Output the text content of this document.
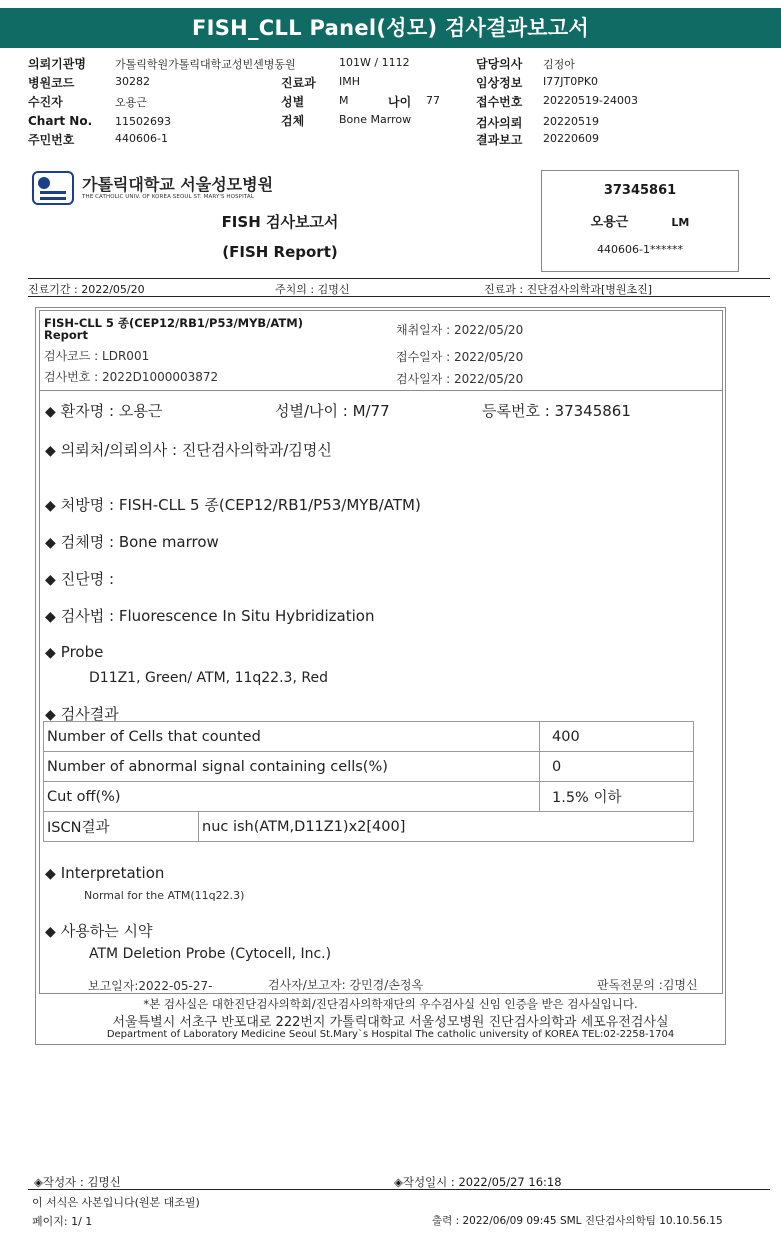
FISH_CLL Panel(성모) 검사결과보고서
의뢰기관명	가톨릭학원가톨릭대학교성빈센병동원	101W / 1112	담당의사 김정아
병원코드	30282	진료과 IMH	임상정보 I77JT0PK0
수진자	오용근	성별	M	나이 77	접수번호 20220519-24003
Chart No. 11502693	검체	Bone Marrow	검사의뢰 20220519
주민번호	440606-1	결과보고 20220609
가톨릭대학교 서울성모병원
THE CATHOLIC UNIV. OF KOREA SEOUL ST. MARY'S HOSPITAL
FISH 검사보고서
(FISH Report)
37345861
오용근	LM
440606-1******
진료기간 : 2022/05/20	주치의 : 김명신	진료과 : 진단검사의학과[병원초진]
FISH-CLL 5 종(CEP12/RB1/P53/MYB/ATM)
Report
검사코드 : LDR001
검사번호 : 2022D1000003872
채취일자 : 2022/05/20
접수일자 : 2022/05/20
검사일자 : 2022/05/20
◆ 환자명 : 오용근	성별/나이 : M/77	등록번호 : 37345861
◆ 의뢰처/의뢰의사 : 진단검사의학과/김명신
◆ 처방명 : FISH-CLL 5 종(CEP12/RB1/P53/MYB/ATM)
◆ 검체명 : Bone marrow
◆ 진단명 :
◆ 검사법 : Fluorescence In Situ Hybridization
◆ Probe
D11Z1, Green/ ATM, 11q22.3, Red
◆ 검사결과
Number of Cells that counted		400
Number of abnormal signal containing cells(%)		0
Cut off(%)		1.5% 이하
ISCN결과	nuc ish(ATM,D11Z1)x2[400]	
◆ Interpretation
Normal for the ATM(11q22.3)
◆ 사용하는 시약
ATM Deletion Probe (Cytocell, Inc.)
보고일자:2022-05-27-	검사자/보고자: 강민경/손정옥	판독전문의 :김명신
*본 검사실은 대한진단검사의학회/진단검사의학재단의 우수검사실 신임 인증을 받은 검사실입니다.
서울특별시 서초구 반포대로 222번지 가톨릭대학교 서울성모병원 진단검사의학과 세포유전검사실
Department of Laboratory Medicine Seoul St.Mary`s Hospital The catholic university of KOREA TEL:02-2258-1704
◈작성자 : 김명신	◈작성일시 : 2022/05/27 16:18
이 서식은 사본입니다(원본 대조필)
페이지: 1/ 1	출력 : 2022/06/09 09:45 SML 진단검사의학팀 10.10.56.15
